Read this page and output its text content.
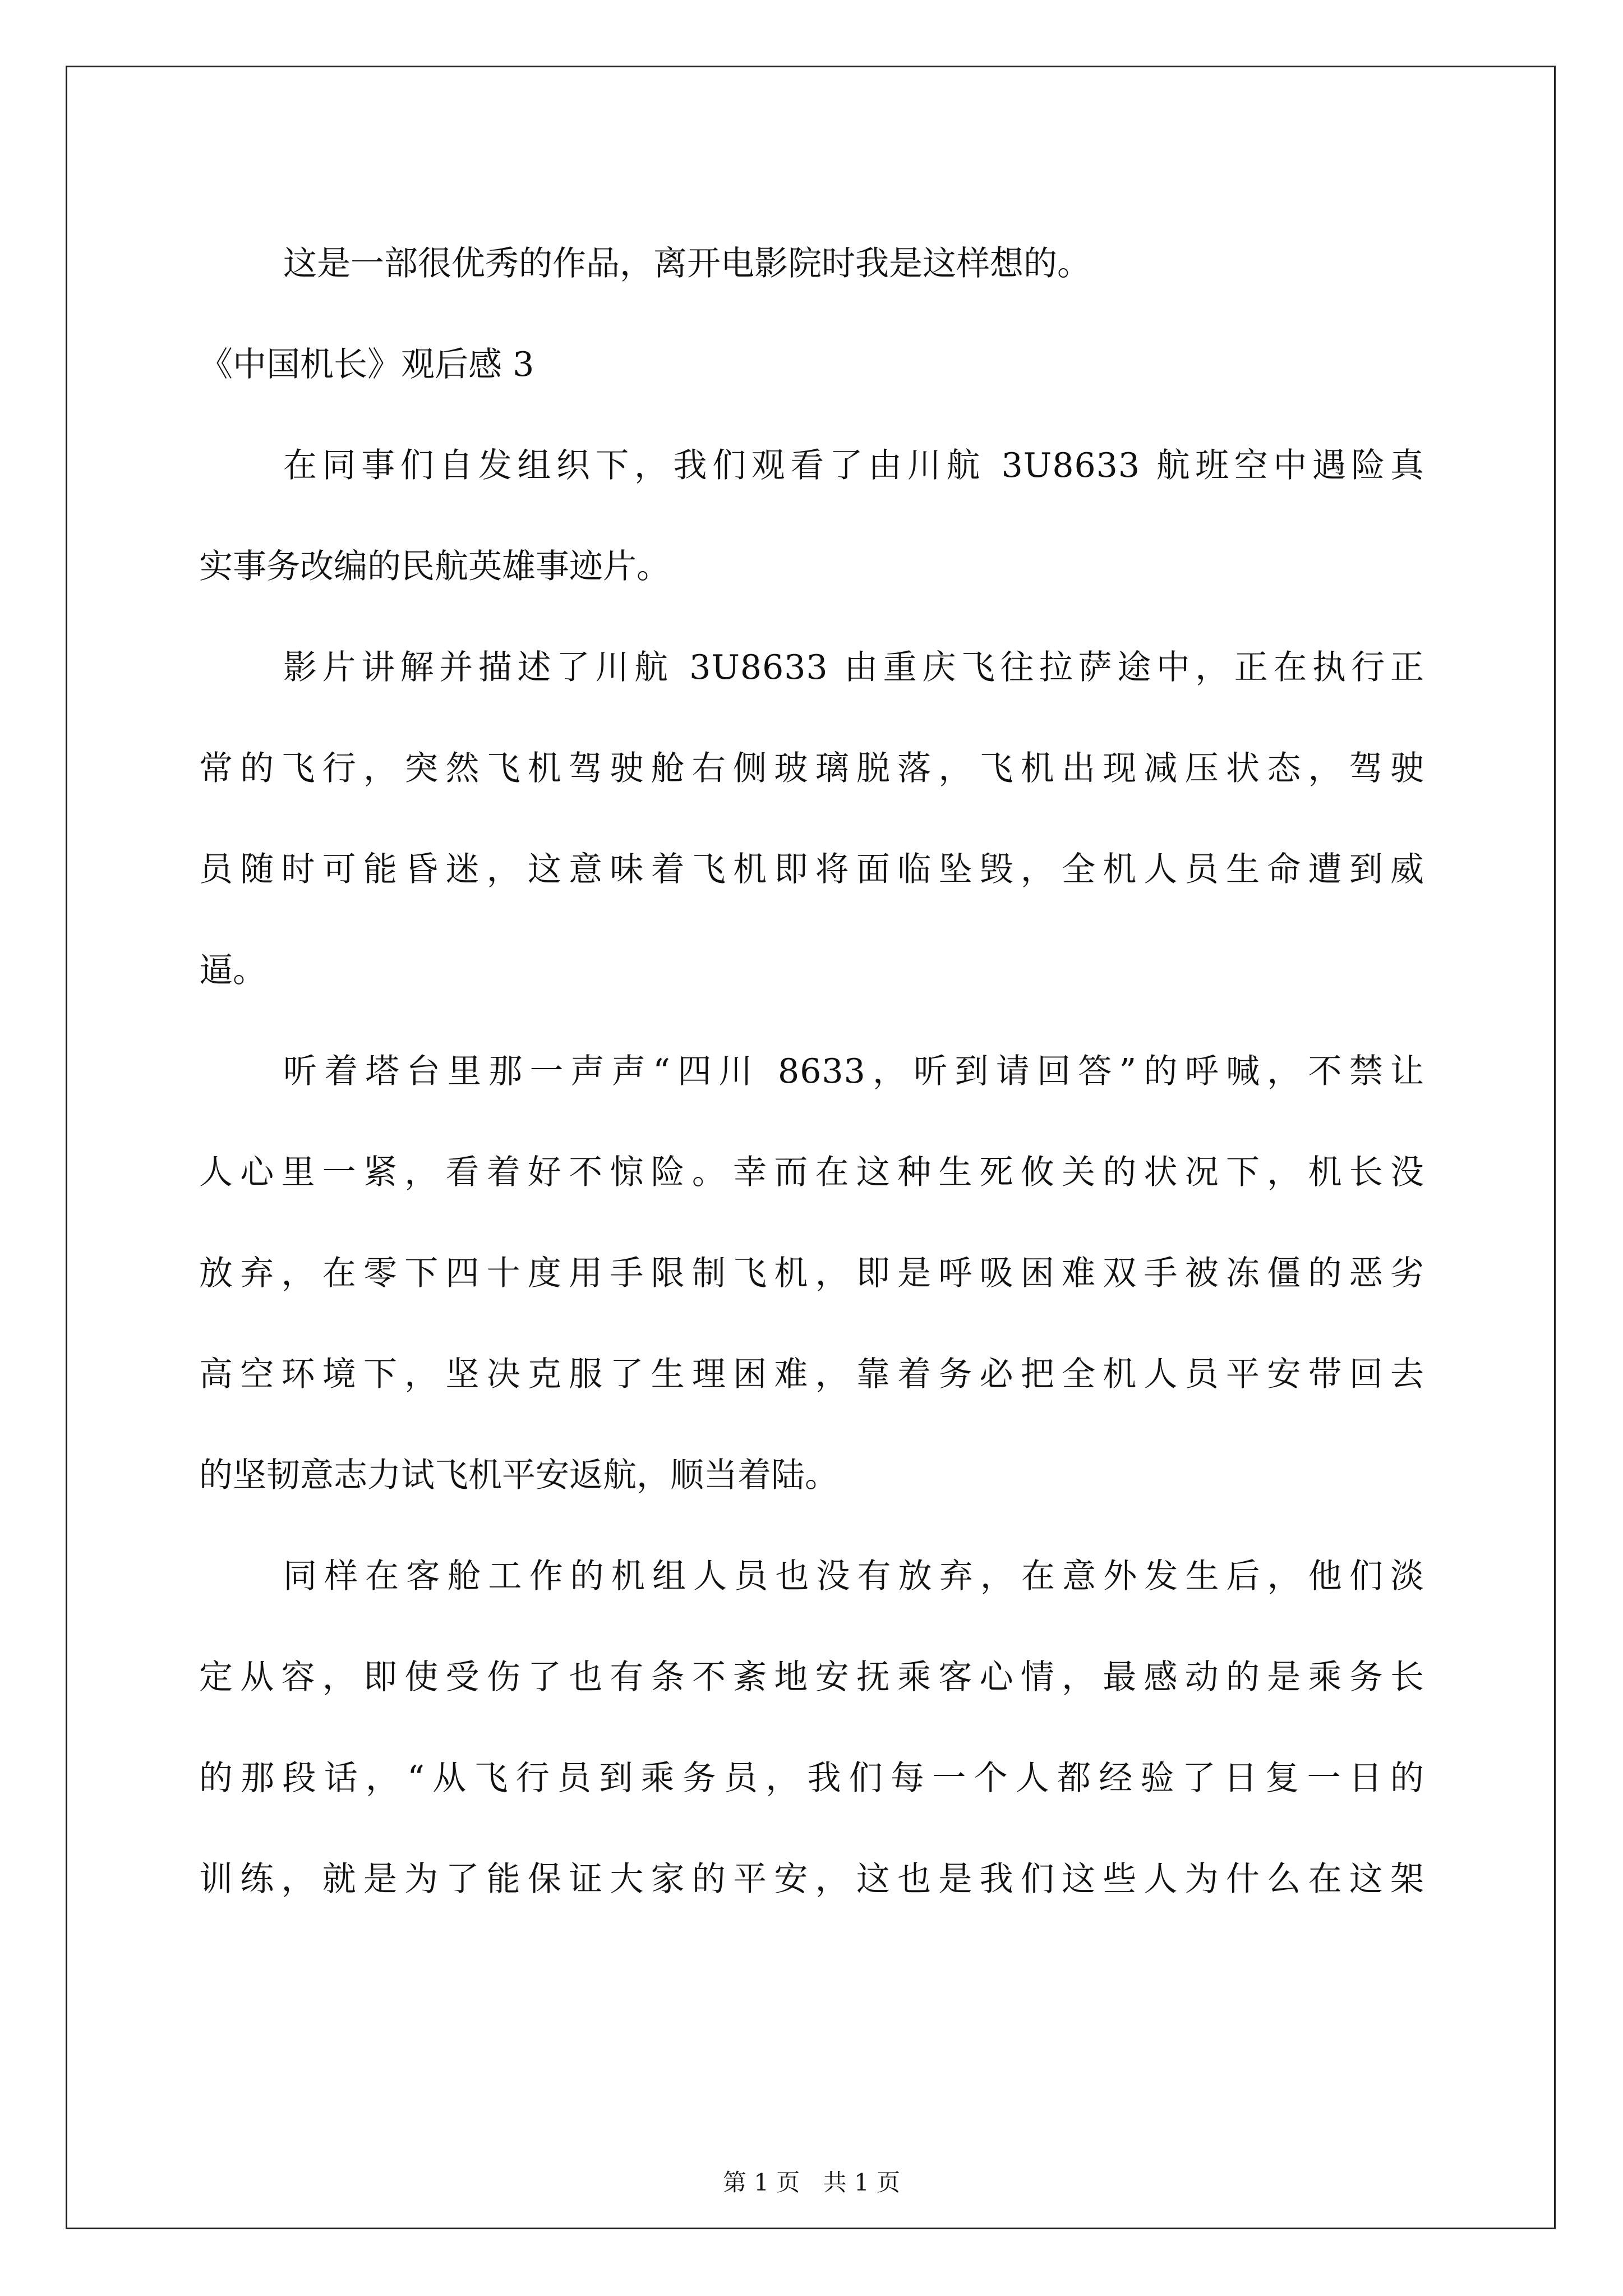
这是一部很优秀的作品，离开电影院时我是这样想的。
《中国机长》观后感 3
在同事们自发组织下，我们观看了由川航 3U8633 航班空中遇险真
实事务改编的民航英雄事迹片。
影片讲解并描述了川航 3U8633 由重庆飞往拉萨途中，正在执行正
常的飞行，突然飞机驾驶舱右侧玻璃脱落，飞机出现减压状态，驾驶
员随时可能昏迷，这意味着飞机即将面临坠毁，全机人员生命遭到威
逼。
听着塔台里那一声声“四川 8633，听到请回答”的呼喊，不禁让
人心里一紧，看着好不惊险。幸而在这种生死攸关的状况下，机长没
放弃，在零下四十度用手限制飞机，即是呼吸困难双手被冻僵的恶劣
高空环境下，坚决克服了生理困难，靠着务必把全机人员平安带回去
的坚韧意志力试飞机平安返航，顺当着陆。
同样在客舱工作的机组人员也没有放弃，在意外发生后，他们淡
定从容，即使受伤了也有条不紊地安抚乘客心情，最感动的是乘务长
的那段话，“从飞行员到乘务员，我们每一个人都经验了日复一日的
训练，就是为了能保证大家的平安，这也是我们这些人为什么在这架
第 1 页 共 1 页
